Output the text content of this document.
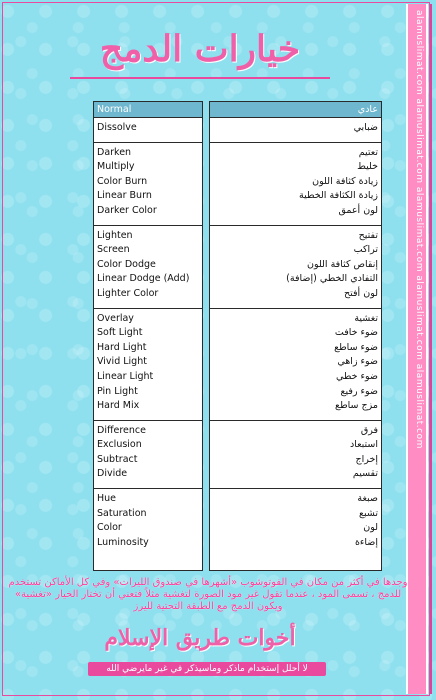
alamuslimat.com alamuslimat.com alamuslimat.com alamuslimat.com alamuslimat.com
خيارات الدمج
Normal
Dissolve
Darken
Multiply
Color Burn
Linear Burn
Darker Color
Lighten
Screen
Color Dodge
Linear Dodge (Add)
Lighter Color
Overlay
Soft Light
Hard Light
Vivid Light
Linear Light
Pin Light
Hard Mix
Difference
Exclusion
Subtract
Divide
Hue
Saturation
Color
Luminosity
عادي
ضبابي
تعتيم
خليط
زيادة كثافة اللون
زيادة الكثافة الخطية
لون أعمق
تفتيح
تراكب
إنقاص كثافة اللون
التفادي الخطي (إضافة)
لون أفتح
تغشية
ضوء خافت
ضوء ساطع
ضوء زاهي
ضوء خطي
ضوء رفيع
مزج ساطع
فرق
استبعاد
إخراج
تقسيم
صبغة
تشبع
لون
إضاءة
وجدها في أكثر من مكان في الفوتوشوب «أشهرها في صندوق الليرات» وفي كل الأماكن تستخدم للدمج ، تسمى المود ، عندما تقول غير مود الصورة لتغشية مثلاً فتعني أن تختار الخيار «تغشية» ويكون الدمج مع الطبقة التحتية لليرز
أخوات طريق الإسلام
لا أحلل إستخدام ماذكر وماسيذكر في غير مايرضي الله
